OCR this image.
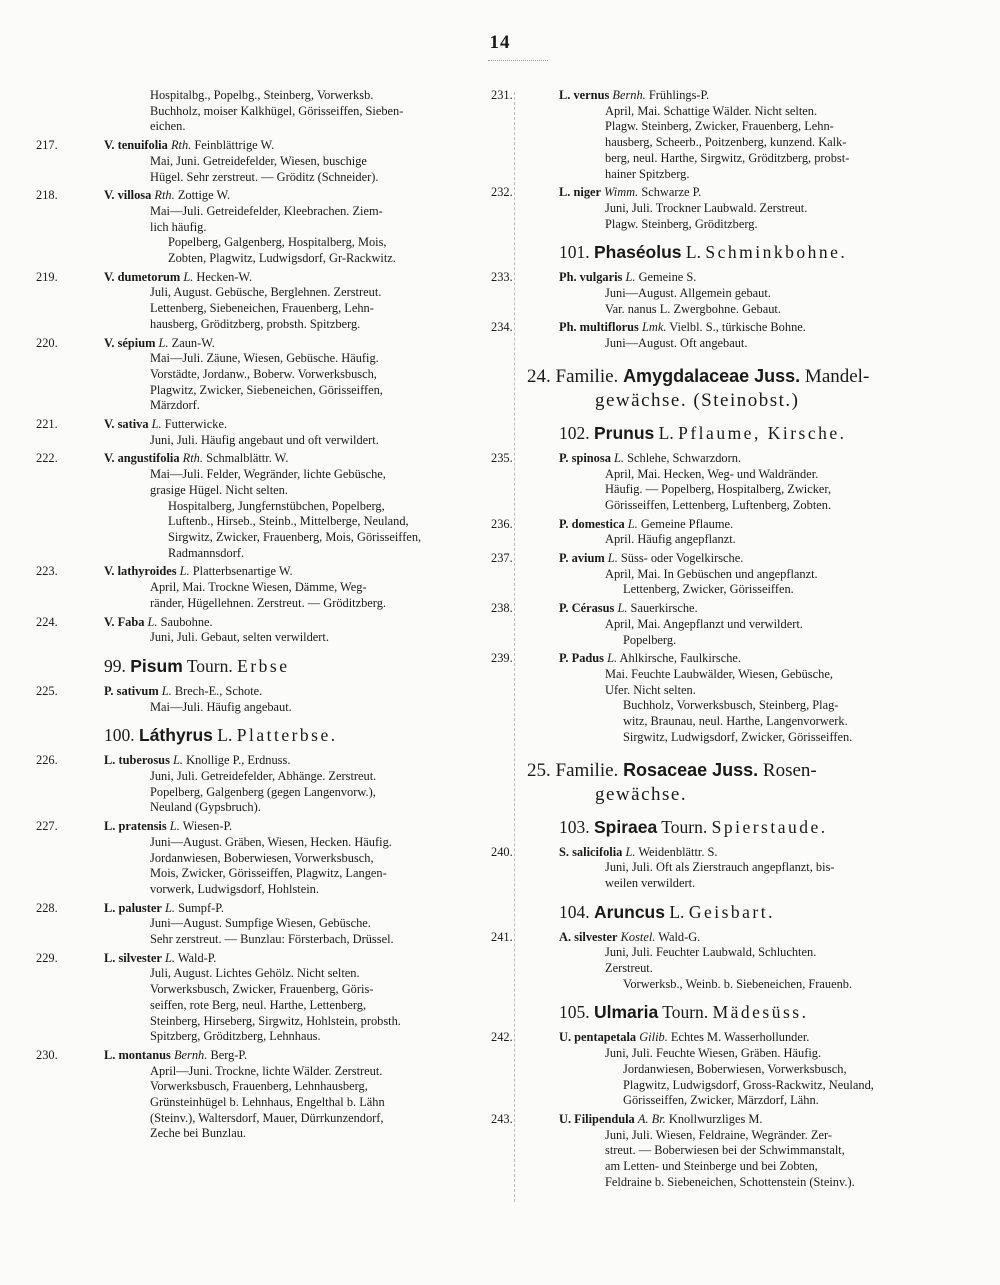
14
Hospitalbg., Popelbg., Steinberg, Vorwerksb.
Buchholz, moiser Kalkhügel, Görisseiffen, Sieben-
eichen.
217.	V. tenuifolia Rth. Feinblättrige W.
Mai, Juni. Getreidefelder, Wiesen, buschige
Hügel. Sehr zerstreut. — Gröditz (Schneider).
218.	V. villosa Rth. Zottige W.
Mai—Juli. Getreidefelder, Kleebrachen. Ziem-
lich häufig.
Popelberg, Galgenberg, Hospitalberg, Mois,
Zobten, Plagwitz, Ludwigsdorf, Gr-Rackwitz.
219.	V. dumetorum L. Hecken-W.
Juli, August. Gebüsche, Berglehnen. Zerstreut.
Lettenberg, Siebeneichen, Frauenberg, Lehn-
hausberg, Gröditzberg, probsth. Spitzberg.
220.	V. sépium L. Zaun-W.
Mai—Juli. Zäune, Wiesen, Gebüsche. Häufig.
Vorstädte, Jordanw., Boberw. Vorwerksbusch,
Plagwitz, Zwicker, Siebeneichen, Görisseiffen,
Märzdorf.
221.	V. sativa L. Futterwicke.
Juni, Juli. Häufig angebaut und oft verwildert.
222.	V. angustifolia Rth. Schmalblättr. W.
Mai—Juli. Felder, Wegränder, lichte Gebüsche,
grasige Hügel. Nicht selten.
Hospitalberg, Jungfernstübchen, Popelberg,
Luftenb., Hirseb., Steinb., Mittelberge, Neuland,
Sirgwitz, Zwicker, Frauenberg, Mois, Görisseiffen,
Radmannsdorf.
223.	V. lathyroides L. Platterbsenartige W.
April, Mai. Trockne Wiesen, Dämme, Weg-
ränder, Hügellehnen. Zerstreut. — Gröditzberg.
224.	V. Faba L. Saubohne.
Juni, Juli. Gebaut, selten verwildert.
99. Pisum Tourn. Erbse
225.	P. sativum L. Brech-E., Schote.
Mai—Juli. Häufig angebaut.
100. Láthyrus L. Platterbse.
226.	L. tuberosus L. Knollige P., Erdnuss.
Juni, Juli. Getreidefelder, Abhänge. Zerstreut.
Popelberg, Galgenberg (gegen Langenvorw.),
Neuland (Gypsbruch).
227.	L. pratensis L. Wiesen-P.
Juni—August. Gräben, Wiesen, Hecken. Häufig.
Jordanwiesen, Boberwiesen, Vorwerksbusch,
Mois, Zwicker, Görisseiffen, Plagwitz, Langen-
vorwerk, Ludwigsdorf, Hohlstein.
228.	L. paluster L. Sumpf-P.
Juni—August. Sumpfige Wiesen, Gebüsche.
Sehr zerstreut. — Bunzlau: Försterbach, Drüssel.
229.	L. silvester L. Wald-P.
Juli, August. Lichtes Gehölz. Nicht selten.
Vorwerksbusch, Zwicker, Frauenberg, Göris-
seiffen, rote Berg, neul. Harthe, Lettenberg,
Steinberg, Hirseberg, Sirgwitz, Hohlstein, probsth.
Spitzberg, Gröditzberg, Lehnhaus.
230.	L. montanus Bernh. Berg-P.
April—Juni. Trockne, lichte Wälder. Zerstreut.
Vorwerksbusch, Frauenberg, Lehnhausberg,
Grünsteinhügel b. Lehnhaus, Engelthal b. Lähn
(Steinv.), Waltersdorf, Mauer, Dürrkunzendorf,
Zeche bei Bunzlau.
231.	L. vernus Bernh. Frühlings-P.
April, Mai. Schattige Wälder. Nicht selten.
Plagw. Steinberg, Zwicker, Frauenberg, Lehn-
hausberg, Scheerb., Poitzenberg, kunzend. Kalk-
berg, neul. Harthe, Sirgwitz, Gröditzberg, probst-
hainer Spitzberg.
232.	L. niger Wimm. Schwarze P.
Juni, Juli. Trockner Laubwald. Zerstreut.
Plagw. Steinberg, Gröditzberg.
101. Phaséolus L. Schminkbohne.
233.	Ph. vulgaris L. Gemeine S.
Juni—August. Allgemein gebaut.
Var. nanus L. Zwergbohne. Gebaut.
234.	Ph. multiflorus Lmk. Vielbl. S., türkische Bohne.
Juni—August. Oft angebaut.
24. Familie. Amygdalaceae Juss. Mandel-
gewächse. (Steinobst.)
102. Prunus L. Pflaume, Kirsche.
235.	P. spinosa L. Schlehe, Schwarzdorn.
April, Mai. Hecken, Weg- und Waldränder.
Häufig. — Popelberg, Hospitalberg, Zwicker,
Görisseiffen, Lettenberg, Luftenberg, Zobten.
236.	P. domestica L. Gemeine Pflaume.
April. Häufig angepflanzt.
237.	P. avium L. Süss- oder Vogelkirsche.
April, Mai. In Gebüschen und angepflanzt.
Lettenberg, Zwicker, Görisseiffen.
238.	P. Cérasus L. Sauerkirsche.
April, Mai. Angepflanzt und verwildert.
Popelberg.
239.	P. Padus L. Ahlkirsche, Faulkirsche.
Mai. Feuchte Laubwälder, Wiesen, Gebüsche,
Ufer. Nicht selten.
Buchholz, Vorwerksbusch, Steinberg, Plag-
witz, Braunau, neul. Harthe, Langenvorwerk.
Sirgwitz, Ludwigsdorf, Zwicker, Görisseiffen.
25. Familie. Rosaceae Juss. Rosen-
gewächse.
103. Spiraea Tourn. Spierstaude.
240.	S. salicifolia L. Weidenblättr. S.
Juni, Juli. Oft als Zierstrauch angepflanzt, bis-
weilen verwildert.
104. Aruncus L. Geisbart.
241.	A. silvester Kostel. Wald-G.
Juni, Juli. Feuchter Laubwald, Schluchten.
Zerstreut.
Vorwerksb., Weinb. b. Siebeneichen, Frauenb.
105. Ulmaria Tourn. Mädesüss.
242.	U. pentapetala Gilib. Echtes M. Wasserhollunder.
Juni, Juli. Feuchte Wiesen, Gräben. Häufig.
Jordanwiesen, Boberwiesen, Vorwerksbusch,
Plagwitz, Ludwigsdorf, Gross-Rackwitz, Neuland,
Görisseiffen, Zwicker, Märzdorf, Lähn.
243.	U. Filipendula A. Br. Knollwurzliges M.
Juni, Juli. Wiesen, Feldraine, Wegränder. Zer-
streut. — Boberwiesen bei der Schwimmanstalt,
am Letten- und Steinberge und bei Zobten,
Feldraine b. Siebeneichen, Schottenstein (Steinv.).
